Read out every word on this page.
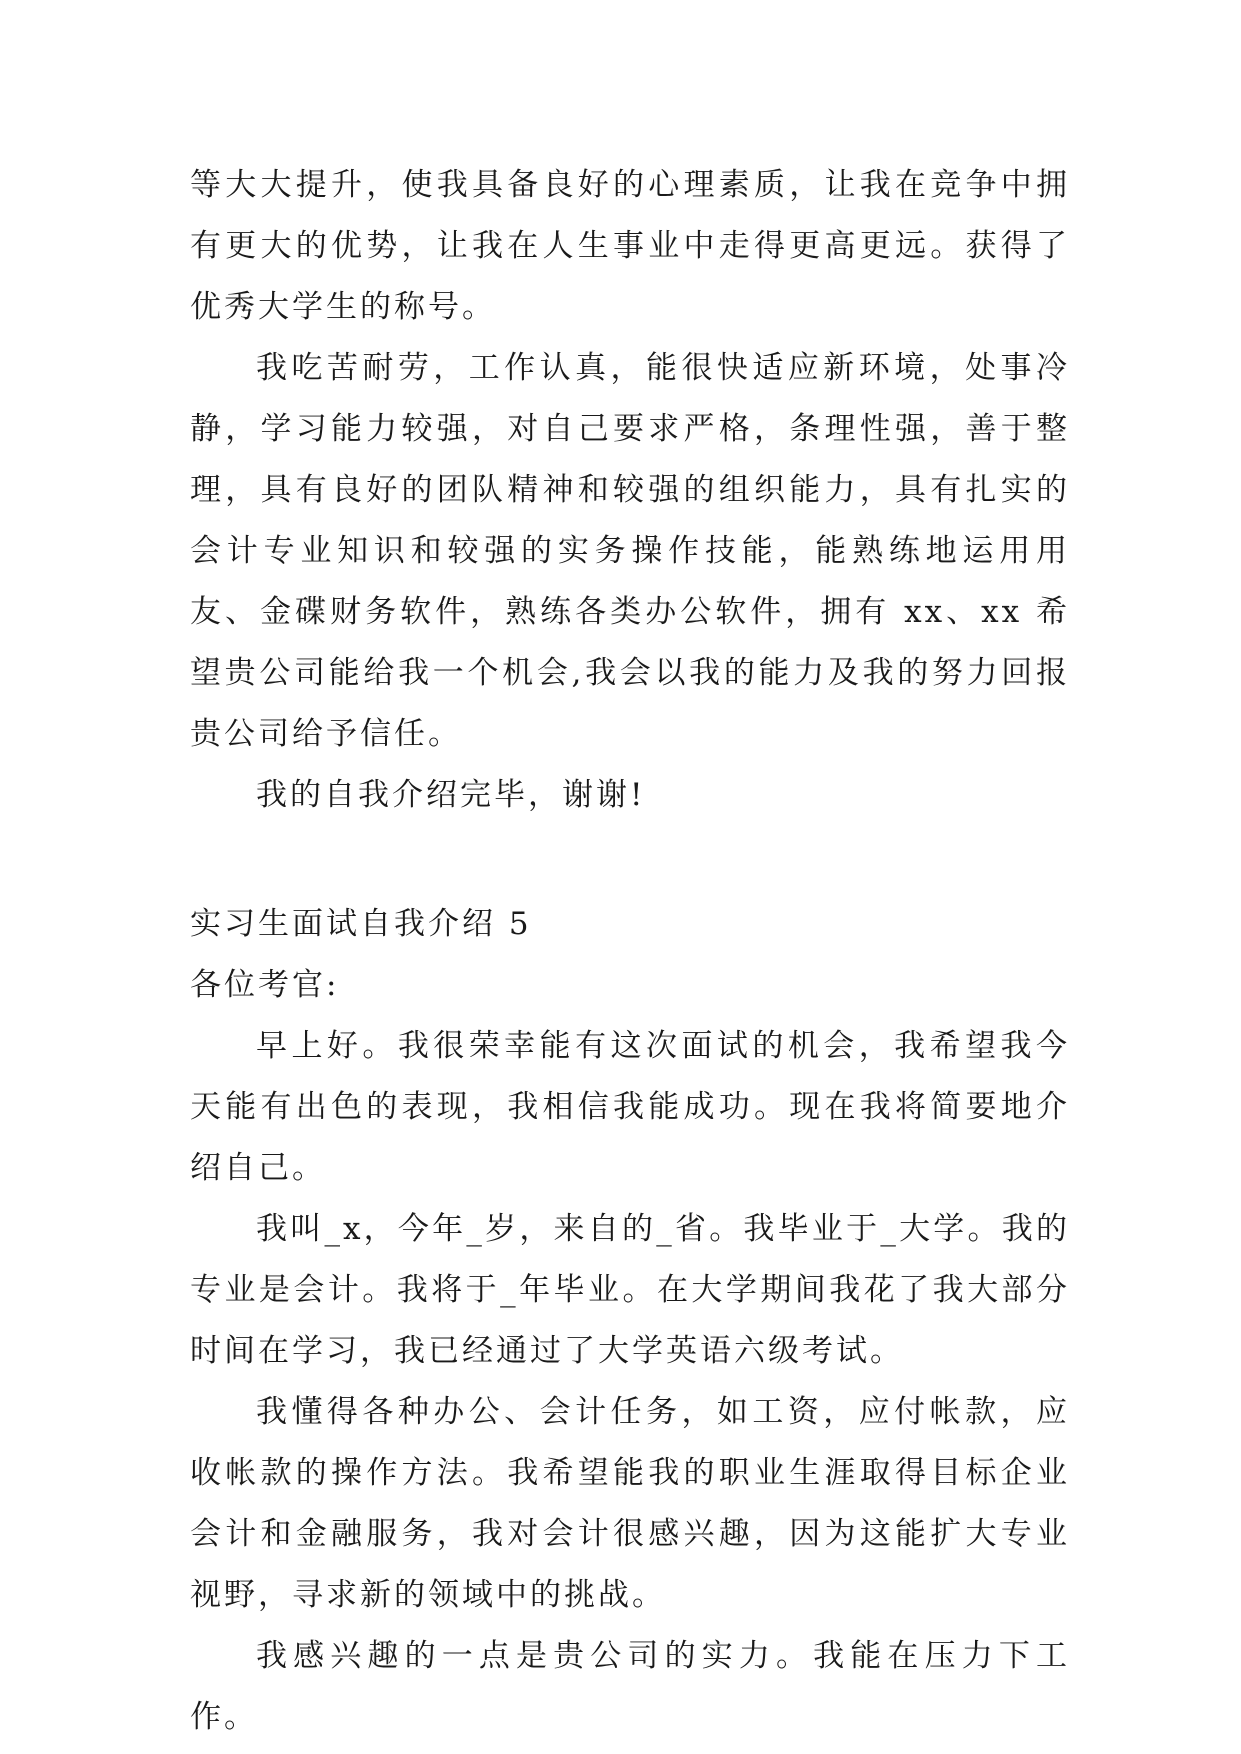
等大大提升，使我具备良好的心理素质，让我在竞争中拥有更大的优势，让我在人生事业中走得更高更远。获得了优秀大学生的称号。

我吃苦耐劳，工作认真，能很快适应新环境，处事冷静，学习能力较强，对自己要求严格，条理性强，善于整理，具有良好的团队精神和较强的组织能力，具有扎实的会计专业知识和较强的实务操作技能，能熟练地运用用友、金碟财务软件，熟练各类办公软件，拥有 xx、xx 希望贵公司能给我一个机会,我会以我的能力及我的努力回报贵公司给予信任。

我的自我介绍完毕，谢谢!

实习生面试自我介绍 5

各位考官:

早上好。我很荣幸能有这次面试的机会，我希望我今天能有出色的表现，我相信我能成功。现在我将简要地介绍自己。

我叫_x，今年_岁，来自的_省。我毕业于_大学。我的专业是会计。我将于_年毕业。在大学期间我花了我大部分时间在学习，我已经通过了大学英语六级考试。

我懂得各种办公、会计任务，如工资，应付帐款，应收帐款的操作方法。我希望能我的职业生涯取得目标企业会计和金融服务，我对会计很感兴趣，因为这能扩大专业视野，寻求新的领域中的挑战。

我感兴趣的一点是贵公司的实力。我能在压力下工作。
